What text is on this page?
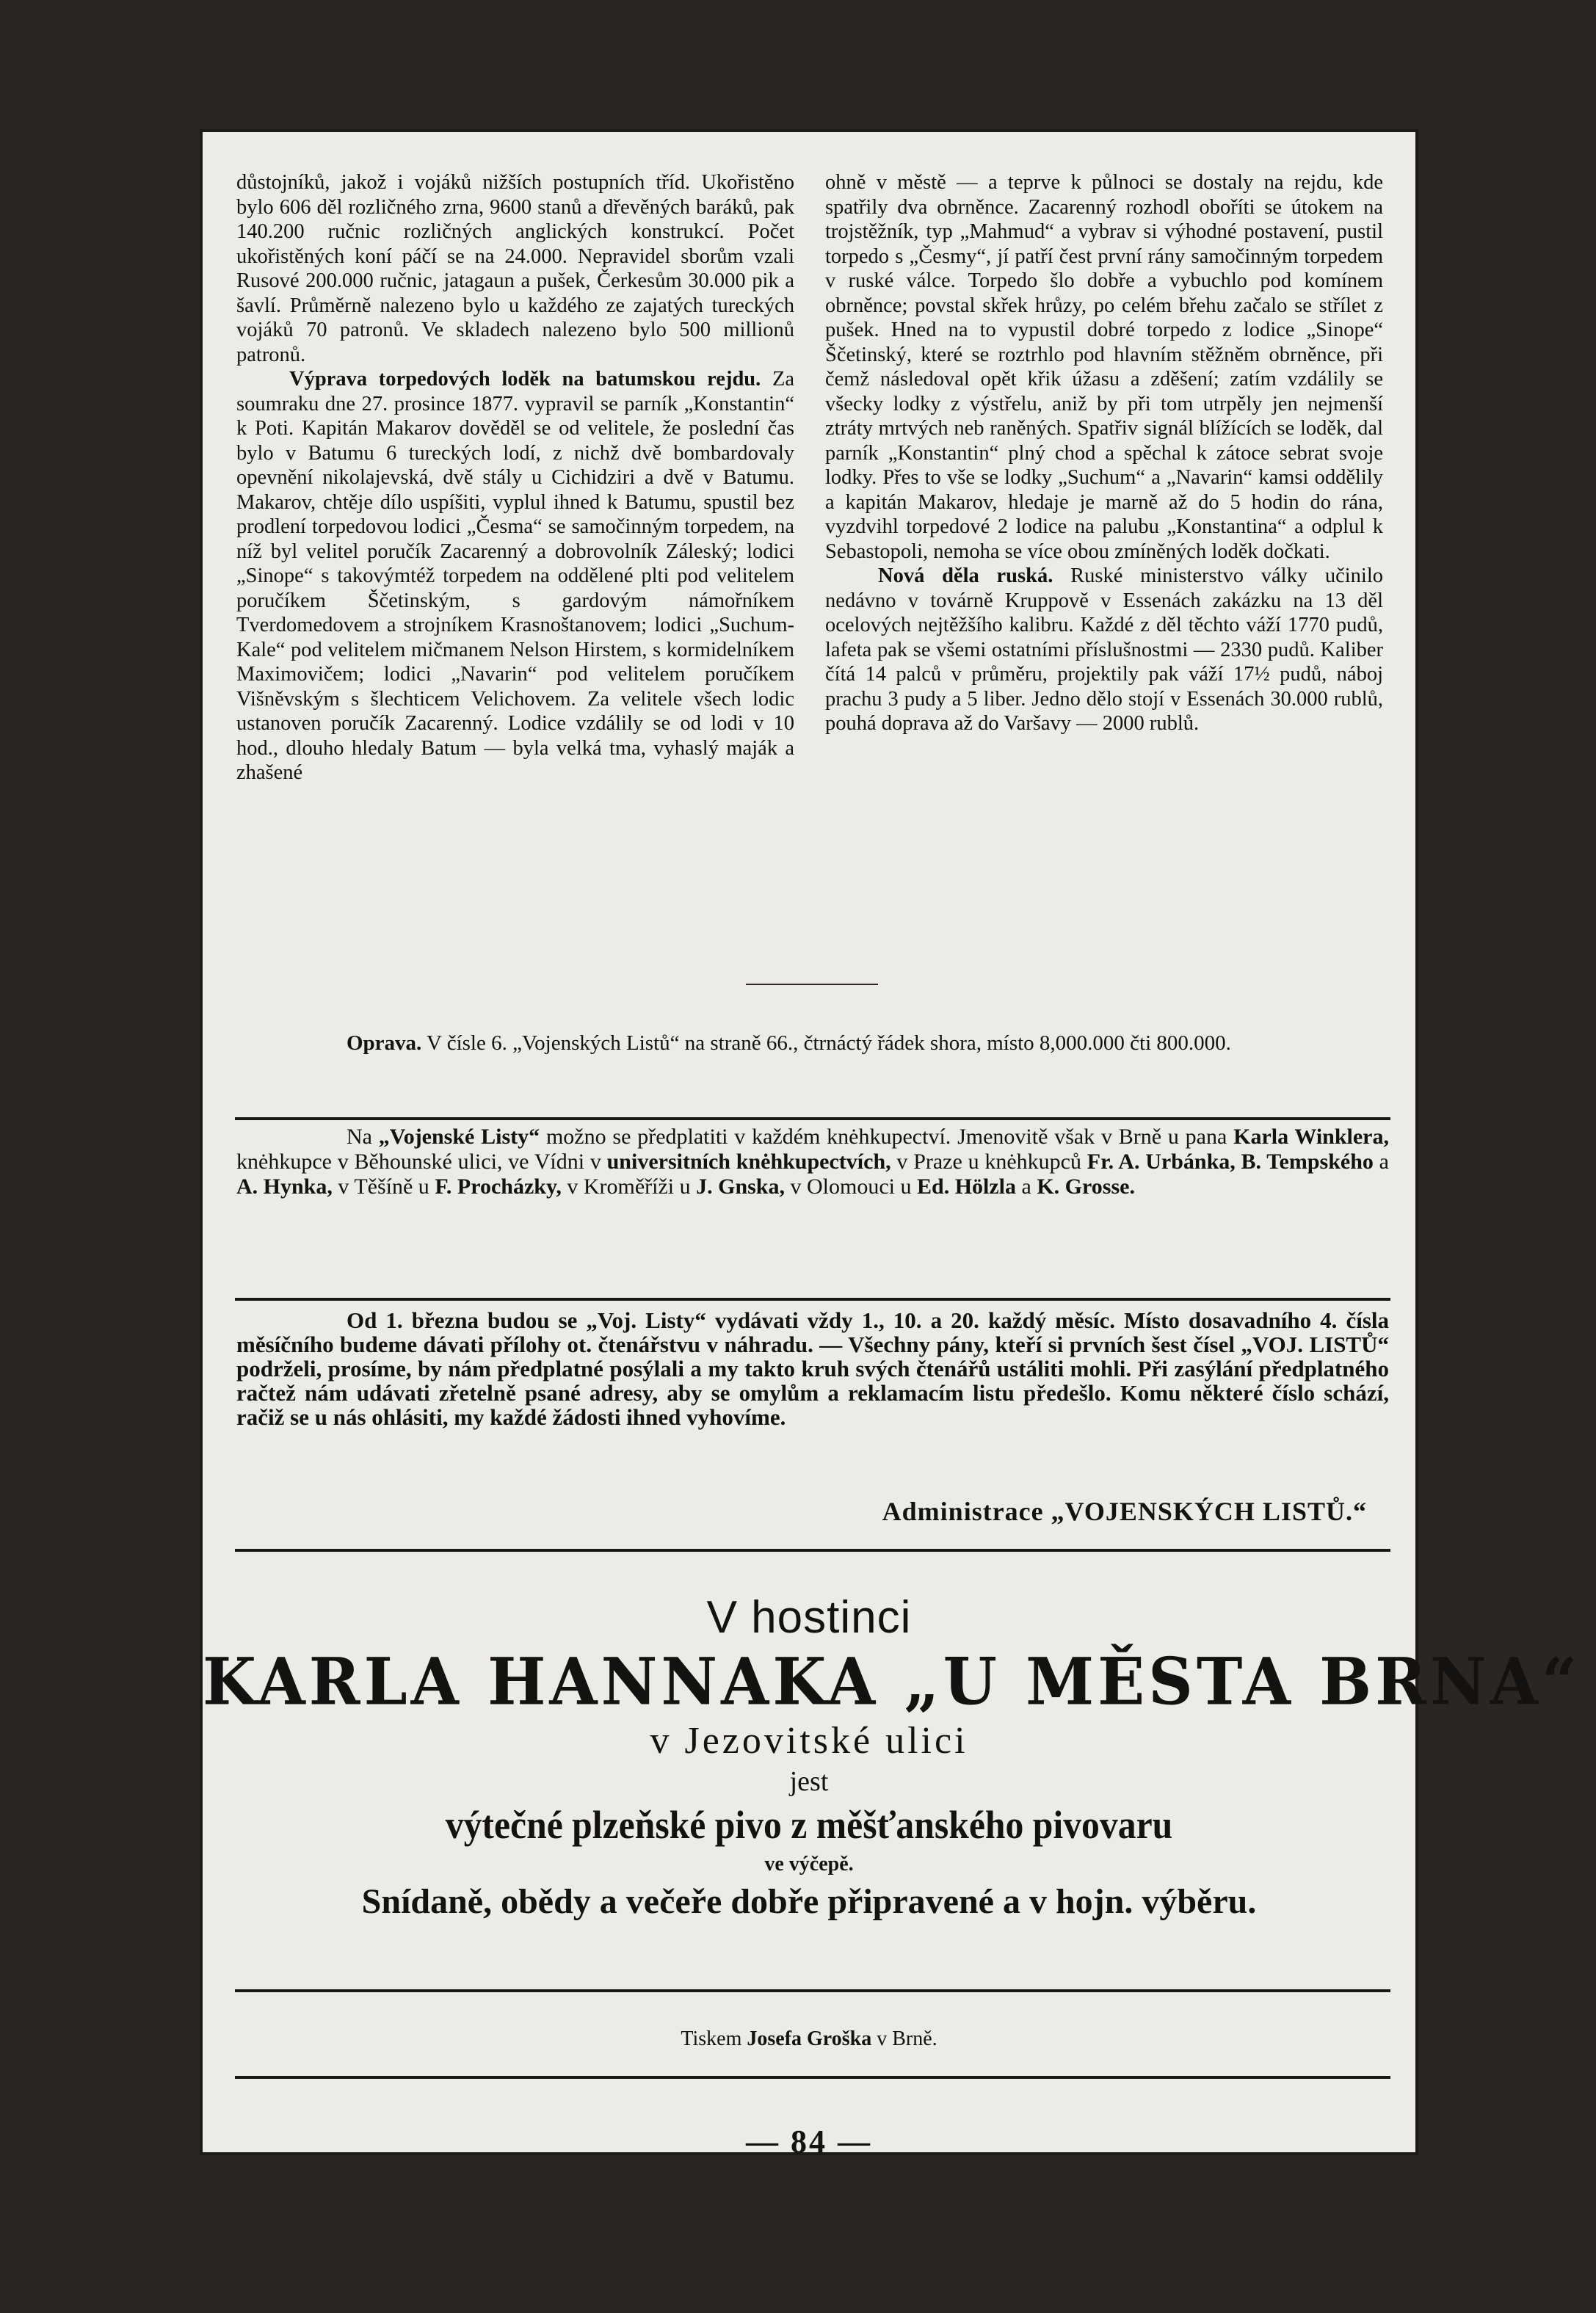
důstojníků, jakož i vojáků nižších postupních tříd. Ukořistěno bylo 606 děl rozličného zrna, 9600 stanů a dřevěných baráků, pak 140.200 ručnic rozličných anglických konstrukcí. Počet ukořistěných koní páčí se na 24.000. Nepravidel sborům vzali Rusové 200.000 ručnic, jatagaun a pušek, Čerkesům 30.000 pik a šavlí. Průměrně nalezeno bylo u každého ze zajatých tureckých vojáků 70 patronů. Ve skladech nalezeno bylo 500 millionů patronů.

Výprava torpedových loděk na batumskou rejdu. Za soumraku dne 27. prosince 1877. vypravil se parník „Konstantin“ k Poti. Kapitán Makarov dověděl se od velitele, že poslední čas bylo v Batumu 6 tureckých lodí, z nichž dvě bombardovaly opevnění nikolajevská, dvě stály u Cichidziri a dvě v Batumu. Makarov, chtěje dílo uspíšiti, vyplul ihned k Batumu, spustil bez prodlení torpedovou lodici „Česma“ se samočinným torpedem, na níž byl velitel poručík Zacarenný a dobrovolník Záleský; lodici „Sinope“ s takovýmtéž torpedem na oddělené plti pod velitelem poručíkem Ščetinským, s gardovým námořníkem Tverdomedovem a strojníkem Krasnoštanovem; lodici „Suchum-Kale“ pod velitelem mičmanem Nelson Hirstem, s kormidelníkem Maximovičem; lodici „Navarin“ pod velitelem poručíkem Višněvským s šlechticem Velichovem. Za velitele všech lodic ustanoven poručík Zacarenný. Lodice vzdálily se od lodi v 10 hod., dlouho hledaly Batum — byla velká tma, vyhaslý maják a zhašené

ohně v městě — a teprve k půlnoci se dostaly na rejdu, kde spatřily dva obrněnce. Zacarenný rozhodl oboříti se útokem na trojstěžník, typ „Mahmud“ a vybrav si výhodné postavení, pustil torpedo s „Česmy“, jí patří čest první rány samočinným torpedem v ruské válce. Torpedo šlo dobře a vybuchlo pod komínem obrněnce; povstal skřek hrůzy, po celém břehu začalo se střílet z pušek. Hned na to vypustil dobré torpedo z lodice „Sinope“ Ščetinský, které se roztrhlo pod hlavním stěžněm obrněnce, při čemž následoval opět křik úžasu a zděšení; zatím vzdálily se všecky lodky z výstřelu, aniž by při tom utrpěly jen nejmenší ztráty mrtvých neb raněných. Spatřiv signál blížících se loděk, dal parník „Konstantin“ plný chod a spěchal k zátoce sebrat svoje lodky. Přes to vše se lodky „Suchum“ a „Navarin“ kamsi oddělily a kapitán Makarov, hledaje je marně až do 5 hodin do rána, vyzdvihl torpedové 2 lodice na palubu „Konstantina“ a odplul k Sebastopoli, nemoha se více obou zmíněných loděk dočkati.

Nová děla ruská. Ruské ministerstvo války učinilo nedávno v továrně Kruppově v Essenách zakázku na 13 děl ocelových nejtěžšího kalibru. Každé z děl těchto váží 1770 pudů, lafeta pak se všemi ostatními příslušnostmi — 2330 pudů. Kaliber čítá 14 palců v průměru, projektily pak váží 17½ pudů, náboj prachu 3 pudy a 5 liber. Jedno dělo stojí v Essenách 30.000 rublů, pouhá doprava až do Varšavy — 2000 rublů.

Oprava. V čísle 6. „Vojenských Listů“ na straně 66., čtrnáctý řádek shora, místo 8,000.000 čti 800.000.
Na „Vojenské Listy“ možno se předplatiti v každém knėhkupectví. Jmenovitě však v Brně u pana Karla Winklera, knėhkupce v Běhounské ulici, ve Vídni v universitních knėhkupectvích, v Praze u knėhkupců Fr. A. Urbánka, B. Tempského a A. Hynka, v Těšíně u F. Procházky, v Kroměříži u J. Gnska, v Olomouci u Ed. Hölzla a K. Grosse.
Od 1. března budou se „Voj. Listy“ vydávati vždy 1., 10. a 20. každý měsíc. Místo dosavadního 4. čísla měsíčního budeme dávati přílohy ot. čtenářstvu v náhradu. — Všechny pány, kteří si prvních šest čísel „VOJ. LISTŮ“ podrželi, prosíme, by nám předplatné posýlali a my takto kruh svých čtenářů ustáliti mohli. Při zasýlání předplatného račtež nám udávati zřetelně psané adresy, aby se omylům a reklamacím listu předešlo. Komu některé číslo schází, račiž se u nás ohlásiti, my každé žádosti ihned vyhovíme.
Administrace „VOJENSKÝCH LISTŮ.“
V hostinci
KARLA HANNAKA „U MĚSTA BRNA“
v Jezovitské ulici
jest
výtečné plzeňské pivo z měšťanského pivovaru
ve výčepě.
Snídaně, obědy a večeře dobře připravené a v hojn. výběru.
Tiskem Josefa Groška v Brně.
— 84 —
